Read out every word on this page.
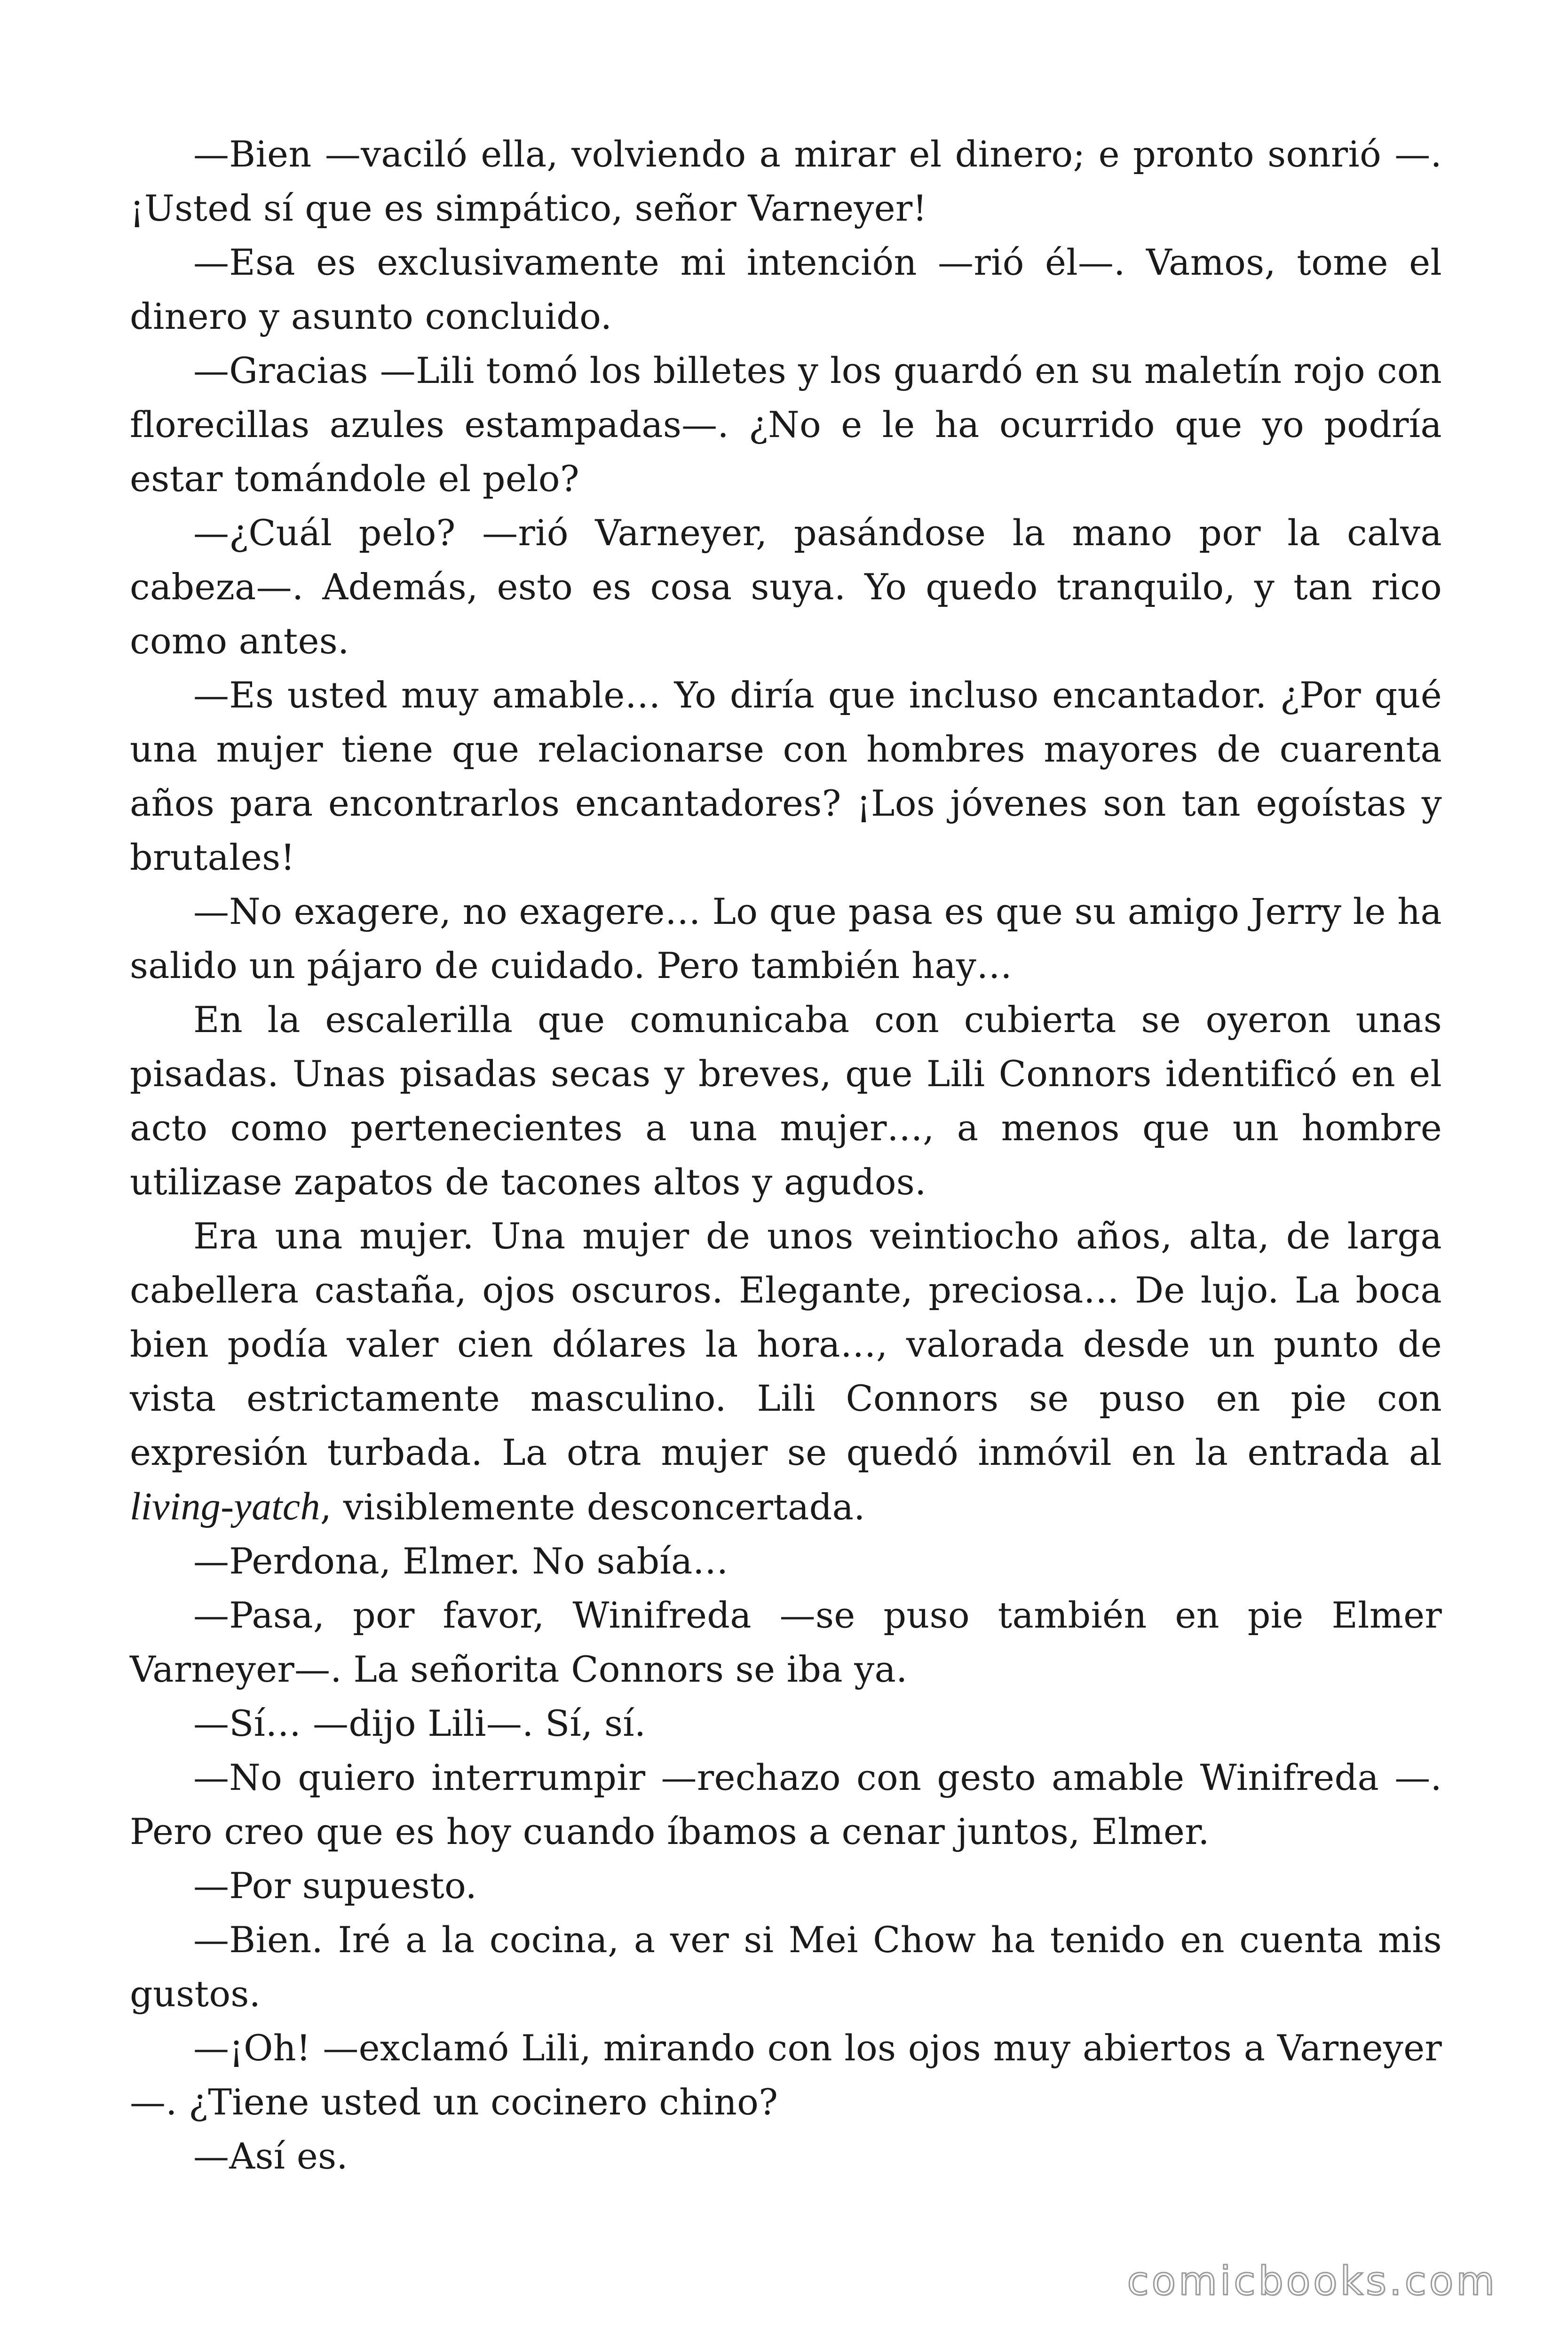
—Bien —vaciló ella, volviendo a mirar el dinero; e pronto sonrió —. ¡Usted sí que es simpático, señor Varneyer!

—Esa es exclusivamente mi intención —rió él—. Vamos, tome el dinero y asunto concluido.

—Gracias —Lili tomó los billetes y los guardó en su maletín rojo con florecillas azules estampadas—. ¿No e le ha ocurrido que yo podría estar tomándole el pelo?

—¿Cuál pelo? —rió Varneyer, pasándose la mano por la calva cabeza—. Además, esto es cosa suya. Yo quedo tranquilo, y tan rico como antes.

—Es usted muy amable… Yo diría que incluso encantador. ¿Por qué una mujer tiene que relacionarse con hombres mayores de cuarenta años para encontrarlos encantadores? ¡Los jóvenes son tan egoístas y brutales!

—No exagere, no exagere… Lo que pasa es que su amigo Jerry le ha salido un pájaro de cuidado. Pero también hay…

En la escalerilla que comunicaba con cubierta se oyeron unas pisadas. Unas pisadas secas y breves, que Lili Connors identificó en el acto como pertenecientes a una mujer…, a menos que un hombre utilizase zapatos de tacones altos y agudos.

Era una mujer. Una mujer de unos veintiocho años, alta, de larga cabellera castaña, ojos oscuros. Elegante, preciosa… De lujo. La boca bien podía valer cien dólares la hora…, valorada desde un punto de vista estrictamente masculino. Lili Connors se puso en pie con expresión turbada. La otra mujer se quedó inmóvil en la entrada al living-yatch, visiblemente desconcertada.

—Perdona, Elmer. No sabía…

—Pasa, por favor, Winifreda —se puso también en pie Elmer Varneyer—. La señorita Connors se iba ya.

—Sí… —dijo Lili—. Sí, sí.

—No quiero interrumpir —rechazo con gesto amable Winifreda —. Pero creo que es hoy cuando íbamos a cenar juntos, Elmer.

—Por supuesto.

—Bien. Iré a la cocina, a ver si Mei Chow ha tenido en cuenta mis gustos.

—¡Oh! —exclamó Lili, mirando con los ojos muy abiertos a Varneyer—. ¿Tiene usted un cocinero chino?

—Así es.

comicbooks.com
